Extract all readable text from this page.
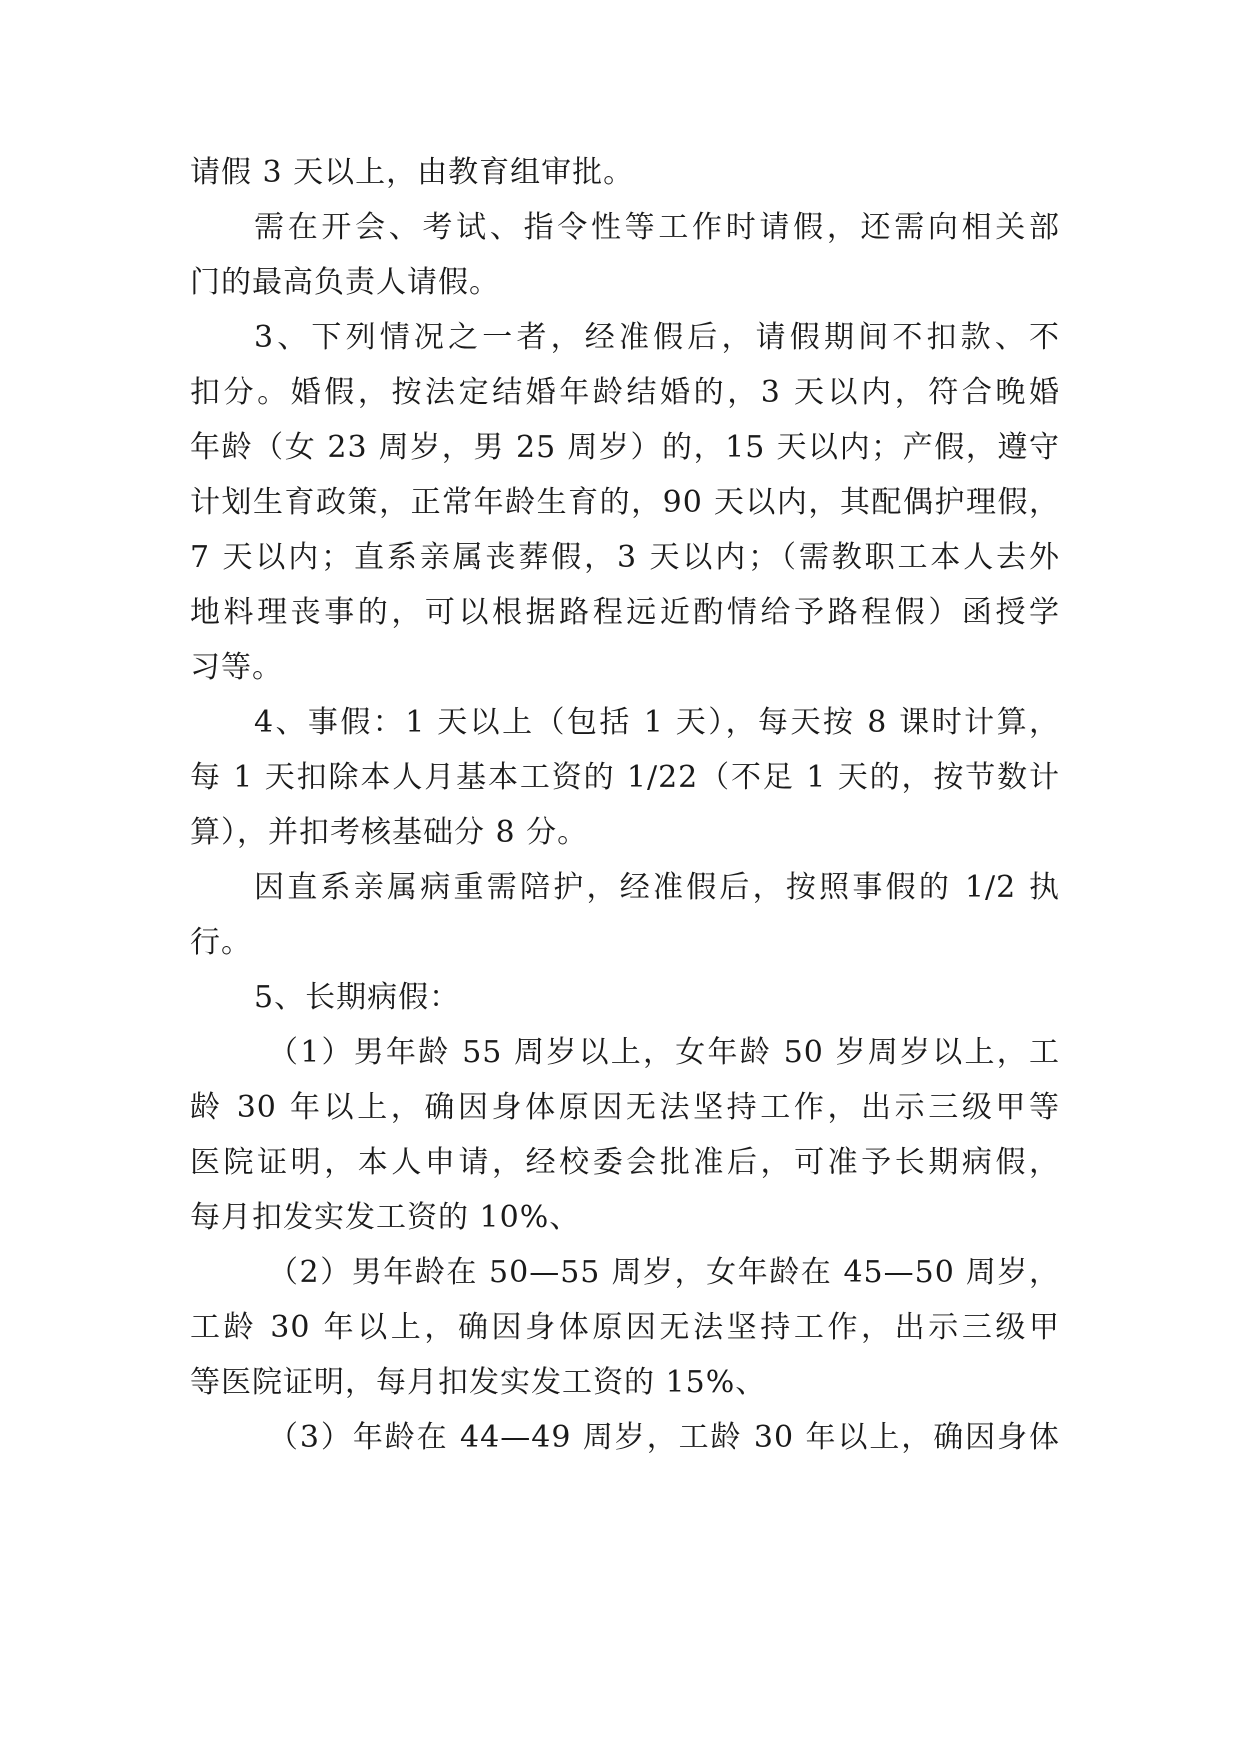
请假 3 天以上，由教育组审批。
需在开会、考试、指令性等工作时请假，还需向相关部
门的最高负责人请假。
3、下列情况之一者，经准假后，请假期间不扣款、不
扣分。婚假，按法定结婚年龄结婚的，3 天以内，符合晚婚
年龄（女 23 周岁，男 25 周岁）的，15 天以内；产假，遵守
计划生育政策，正常年龄生育的，90 天以内，其配偶护理假，
7 天以内；直系亲属丧葬假，3 天以内；（需教职工本人去外
地料理丧事的，可以根据路程远近酌情给予路程假）函授学
习等。
4、事假：1 天以上（包括 1 天），每天按 8 课时计算，
每 1 天扣除本人月基本工资的 1/22（不足 1 天的，按节数计
算），并扣考核基础分 8 分。
因直系亲属病重需陪护，经准假后，按照事假的 1/2 执
行。
5、长期病假：
（1）男年龄 55 周岁以上，女年龄 50 岁周岁以上，工
龄 30 年以上，确因身体原因无法坚持工作，出示三级甲等
医院证明，本人申请，经校委会批准后，可准予长期病假，
每月扣发实发工资的 10%、
（2）男年龄在 50—55 周岁，女年龄在 45—50 周岁，
工龄 30 年以上，确因身体原因无法坚持工作，出示三级甲
等医院证明，每月扣发实发工资的 15%、
（3）年龄在 44—49 周岁，工龄 30 年以上，确因身体
